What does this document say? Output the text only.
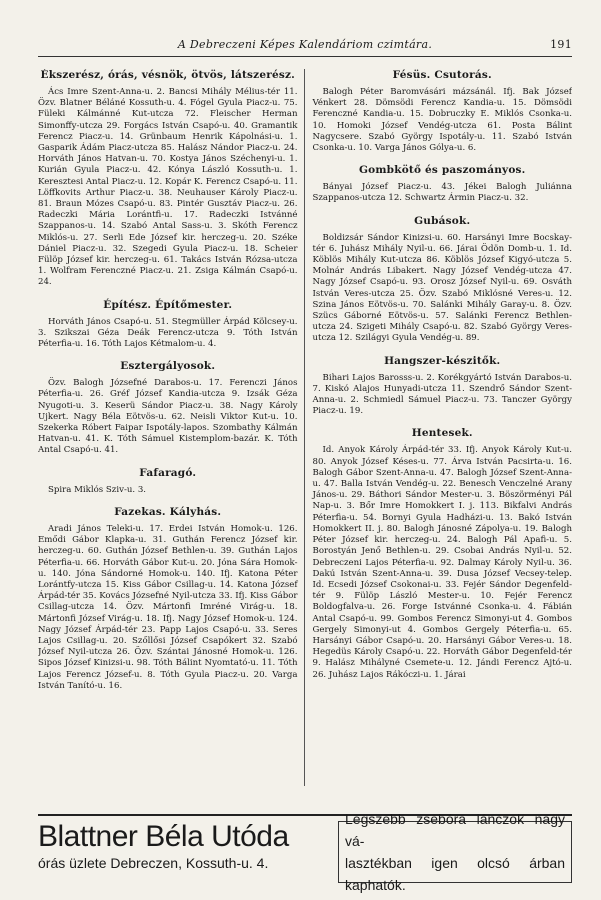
A Debreczeni Képes Kalendáriom czimtára.	191

Ékszerész, órás, vésnök, ötvös, látszerész.

Ács Imre Szent-Anna-u. 2. Bancsi Mihály Mélius-tér 11. Özv. Blatner Béláné Kossuth-u. 4. Fógel Gyula Piacz-u. 75. Füleki Kálmánné Kut-utcza 72. Fleischer Herman Simonffy-utcza 29. Forgács István Csapó-u. 40. Gramantik Ferencz Piacz-u. 14. Grünbaum Henrik Kápolnási-u. 1. Gasparik Ádám Piacz-utcza 85. Halász Nándor Piacz-u. 24. Horváth János Hatvan-u. 70. Kostya János Széchenyi-u. 1. Kurián Gyula Piacz-u. 42. Kónya László Kossuth-u. 1. Keresztesi Antal Piacz-u. 12. Kopár K. Ferencz Csapó-u. 11. Löffkovits Arthur Piacz-u. 38. Neuhauser Károly Piacz-u. 81. Braun Mózes Csapó-u. 83. Pintér Gusztáv Piacz-u. 26. Radeczki Mária Lorántfi-u. 17. Radeczki Istvánné Szappanos-u. 14. Szabó Antal Sass-u. 3. Skóth Ferencz Miklós-u. 27. Serli Ede József kir. herczeg-u. 20. Széke Dániel Piacz-u. 32. Szegedi Gyula Piacz-u. 18. Scheier Fülöp József kir. herczeg-u. 61. Takács István Rózsa-utcza 1. Wolfram Ferenczné Piacz-u. 21. Zsiga Kálmán Csapó-u. 24.

Építész. Építőmester.

Horváth János Csapó-u. 51. Stegmüller Árpád Kölcsey-u. 3. Szikszai Géza Deák Ferencz-utcza 9. Tóth István Péterfia-u. 16. Tóth Lajos Kétmalom-u. 4.

Esztergályosok.

Özv. Balogh Józsefné Darabos-u. 17. Ferenczi János Péterfia-u. 26. Gréf József Kandia-utcza 9. Izsák Géza Nyugoti-u. 3. Keserü Sándor Piacz-u. 38. Nagy Károly Ujkert. Nagy Béla Eötvös-u. 62. Neisli Viktor Kut-u. 10. Szekerka Róbert Faipar Ispotály-lapos. Szombathy Kálmán Hatvan-u. 41. K. Tóth Sámuel Kistemplom-bazár. K. Tóth Antal Csapó-u. 41.

Fafaragó.

Spira Miklós Sziv-u. 3.

Fazekas. Kályhás.

Aradi János Teleki-u. 17. Erdei István Homok-u. 126. Emődi Gábor Klapka-u. 31. Guthán Ferencz József kir. herczeg-u. 60. Guthán József Bethlen-u. 39. Guthán Lajos Péterfia-u. 66. Horváth Gábor Kut-u. 20. Jóna Sára Homok-u. 140. Jóna Sándorné Homok-u. 140. Ifj. Katona Péter Lorántfy-utcza 15. Kiss Gábor Csillag-u. 14. Katona József Árpád-tér 35. Kovács Józsefné Nyil-utcza 33. Ifj. Kiss Gábor Csillag-utcza 14. Özv. Mártonfi Imréné Virág-u. 18. Mártonfi József Virág-u. 18. Ifj. Nagy József Homok-u. 124. Nagy József Árpád-tér 23. Papp Lajos Csapó-u. 33. Seres Lajos Csillag-u. 20. Szőllősi József Csapókert 32. Szabó József Nyil-utcza 26. Özv. Szántai Jánosné Homok-u. 126. Sipos József Kinizsi-u. 98. Tóth Bálint Nyomtató-u. 11. Tóth Lajos Ferencz József-u. 8. Tóth Gyula Piacz-u. 20. Varga István Tanító-u. 16.

Fésüs. Csutorás.

Balogh Péter Baromvásári mázsánál. Ifj. Bak József Vénkert 28. Dömsödi Ferencz Kandia-u. 15. Dömsödi Ferenczné Kandia-u. 15. Dobruczky E. Miklós Csonka-u. 10. Homoki József Vendég-utcza 61. Posta Bálint Nagycsere. Szabó György Ispotály-u. 11. Szabó István Csonka-u. 10. Varga János Gólya-u. 6.

Gombkötő és paszományos.

Bányai József Piacz-u. 43. Jékei Balogh Juliánna Szappanos-utcza 12. Schwartz Ármin Piacz-u. 32.

Gubások.

Boldizsár Sándor Kinizsi-u. 60. Harsányi Imre Bocskay-tér 6. Juhász Mihály Nyil-u. 66. Járai Ödön Domb-u. 1. Id. Köblös Mihály Kut-utcza 86. Köblös József Kigyó-utcza 5. Molnár András Libakert. Nagy József Vendég-utcza 47. Nagy József Csapó-u. 93. Orosz József Nyil-u. 69. Osváth István Veres-utcza 25. Özv. Szabó Miklósné Veres-u. 12. Szina János Eötvös-u. 70. Salánki Mihály Garay-u. 8. Özv. Szücs Gáborné Eötvös-u. 57. Salánki Ferencz Bethlen-utcza 24. Szigeti Mihály Csapó-u. 82. Szabó György Veres-utcza 12. Szilágyi Gyula Vendég-u. 89.

Hangszer-készitők.

Bihari Lajos Barosss-u. 2. Korékgyártó István Darabos-u. 7. Kiskó Alajos Hunyadi-utcza 11. Szendrő Sándor Szent-Anna-u. 2. Schmiedl Sámuel Piacz-u. 73. Tanczer György Piacz-u. 19.

Hentesek.

Id. Anyok Károly Árpád-tér 33. Ifj. Anyok Károly Kut-u. 80. Anyok József Késes-u. 77. Árva István Pacsirta-u. 16. Balogh Gábor Szent-Anna-u. 47. Balogh József Szent-Anna-u. 47. Balla István Vendég-u. 22. Benesch Venczelné Arany János-u. 29. Báthori Sándor Mester-u. 3. Böszörményi Pál Nap-u. 3. Bőr Imre Homokkert I. j. 113. Bikfalvi András Péterfia-u. 54. Bornyi Gyula Hadházi-u. 13. Bakó István Homokkert II. j. 80. Balogh Jánosné Zápolya-u. 19. Balogh Péter József kir. herczeg-u. 24. Balogh Pál Apafi-u. 5. Borostyán Jenő Bethlen-u. 29. Csobai András Nyil-u. 52. Debreczeni Lajos Péterfia-u. 92. Dalmay Károly Nyil-u. 36. Dakú István Szent-Anna-u. 39. Dusa József Vecsey-telep. Id. Ecsedi József Csokonai-u. 33. Fejér Sándor Degenfeld-tér 9. Fülöp László Mester-u. 10. Fejér Ferencz Boldogfalva-u. 26. Forge Istvánné Csonka-u. 4. Fábián Antal Csapó-u. 99. Gombos Ferencz Simonyi-ut 4. Gombos Gergely Simonyi-ut 4. Gombos Gergely Péterfia-u. 65. Harsányi Gábor Csapó-u. 20. Harsányi Gábor Veres-u. 18. Hegedüs Károly Csapó-u. 22. Horváth Gábor Degenfeld-tér 9. Halász Mihályné Csemete-u. 12. Jándi Ferencz Ajtó-u. 26. Juhász Lajos Rákóczi-u. 1. Járai

Blattner Béla Utóda
órás üzlete Debreczen, Kossuth-u. 4.
Legszebb zsebóra lánczok nagy vá-
lasztékban igen olcsó árban kaphatók.
